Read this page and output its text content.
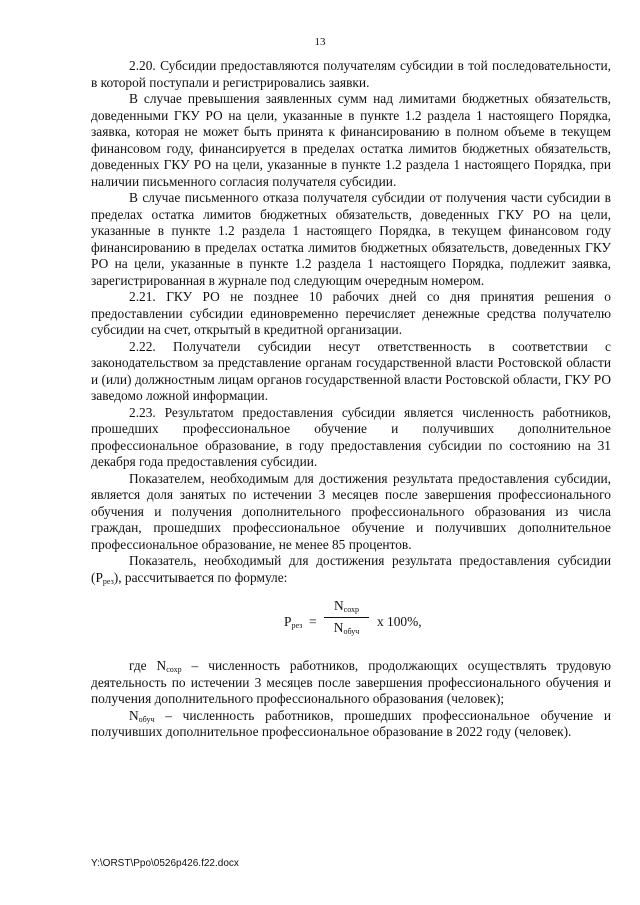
13

2.20. Субсидии предоставляются получателям субсидии в той последовательности, в которой поступали и регистрировались заявки.

В случае превышения заявленных сумм над лимитами бюджетных обязательств, доведенными ГКУ РО на цели, указанные в пункте 1.2 раздела 1 настоящего Порядка, заявка, которая не может быть принята к финансированию в полном объеме в текущем финансовом году, финансируется в пределах остатка лимитов бюджетных обязательств, доведенных ГКУ РО на цели, указанные в пункте 1.2 раздела 1 настоящего Порядка, при наличии письменного согласия получателя субсидии.

В случае письменного отказа получателя субсидии от получения части субсидии в пределах остатка лимитов бюджетных обязательств, доведенных ГКУ РО на цели, указанные в пункте 1.2 раздела 1 настоящего Порядка, в текущем финансовом году финансированию в пределах остатка лимитов бюджетных обязательств, доведенных ГКУ РО на цели, указанные в пункте 1.2 раздела 1 настоящего Порядка, подлежит заявка, зарегистрированная в журнале под следующим очередным номером.

2.21. ГКУ РО не позднее 10 рабочих дней со дня принятия решения о предоставлении субсидии единовременно перечисляет денежные средства получателю субсидии на счет, открытый в кредитной организации.

2.22. Получатели субсидии несут ответственность в соответствии с законодательством за представление органам государственной власти Ростовской области и (или) должностным лицам органов государственной власти Ростовской области, ГКУ РО заведомо ложной информации.

2.23. Результатом предоставления субсидии является численность работников, прошедших профессиональное обучение и получивших дополнительное профессиональное образование, в году предоставления субсидии по состоянию на 31 декабря года предоставления субсидии.

Показателем, необходимым для достижения результата предоставления субсидии, является доля занятых по истечении 3 месяцев после завершения профессионального обучения и получения дополнительного профессионального образования из числа граждан, прошедших профессиональное обучение и получивших дополнительное профессиональное образование, не менее 85 процентов.

Показатель, необходимый для достижения результата предоставления субсидии $(Р_{рез})$, рассчитывается по формуле:

$Р_{рез}$ =
$N_{сохр}$
$N_{обуч}$
x 100%,

где $N_{сохр}$ – численность работников, продолжающих осуществлять трудовую деятельность по истечении 3 месяцев после завершения профессионального обучения и получения дополнительного профессионального образования (человек);

$N_{обуч}$ – численность работников, прошедших профессиональное обучение и получивших дополнительное профессиональное образование в 2022 году (человек).

Y:\ORST\Ppo\0526p426.f22.docx
